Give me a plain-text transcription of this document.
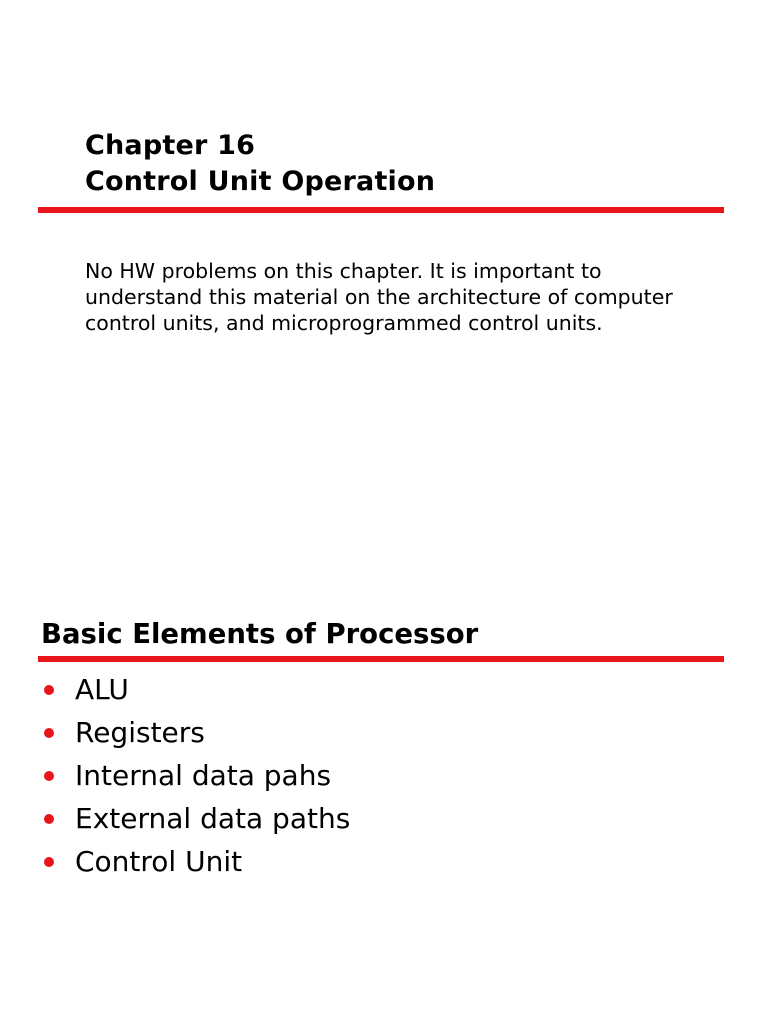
Chapter 16
Control Unit Operation
No HW problems on this chapter. It is important to
understand this material on the architecture of computer
control units, and microprogrammed control units.
Basic Elements of Processor
ALU
Registers
Internal data pahs
External data paths
Control Unit
